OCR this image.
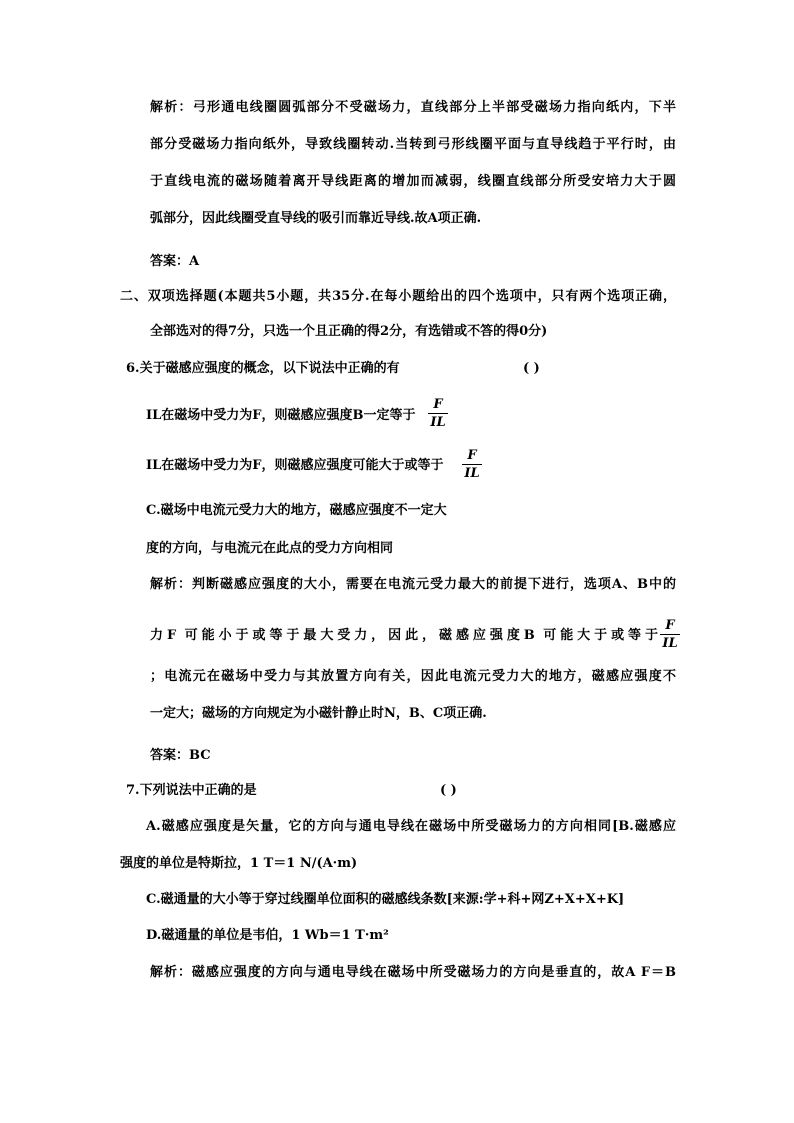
解析：弓形通电线圈圆弧部分不受磁场力，直线部分上半部受磁场力指向纸内，下半
部分受磁场力指向纸外，导致线圈转动.当转到弓形线圈平面与直导线趋于平行时，由
于直线电流的磁场随着离开导线距离的增加而减弱，线圈直线部分所受安培力大于圆
弧部分，因此线圈受直导线的吸引而靠近导线.故A项正确.
答案：A
二、双项选择题(本题共5小题，共35分.在每小题给出的四个选项中，只有两个选项正确，
全部选对的得7分，只选一个且正确的得2分，有选错或不答的得0分)
6.关于磁感应强度的概念，以下说法中正确的有	( )
IL在磁场中受力为F，则磁感应强度B一定等于
F
IL
IL在磁场中受力为F，则磁感应强度可能大于或等于
F
IL
C.磁场中电流元受力大的地方，磁感应强度不一定大
度的方向，与电流元在此点的受力方向相同
解析：判断磁感应强度的大小，需要在电流元受力最大的前提下进行，选项A、B中的
力F 可能小于或等于最大受力，因此，磁感应强度B 可能大于或等于
F
IL
；电流元在磁场中受力与其放置方向有关，因此电流元受力大的地方，磁感应强度不
一定大；磁场的方向规定为小磁针静止时N，B、C项正确.
答案：BC
7.下列说法中正确的是	( )
A.磁感应强度是矢量，它的方向与通电导线在磁场中所受磁场力的方向相同[B.磁感应
强度的单位是特斯拉，1 T＝1 N/(A·m)
C.磁通量的大小等于穿过线圈单位面积的磁感线条数[来源:学+科+网Z+X+X+K]
D.磁通量的单位是韦伯，1 Wb＝1 T·m²
解析：磁感应强度的方向与通电导线在磁场中所受磁场力的方向是垂直的，故A F＝B
